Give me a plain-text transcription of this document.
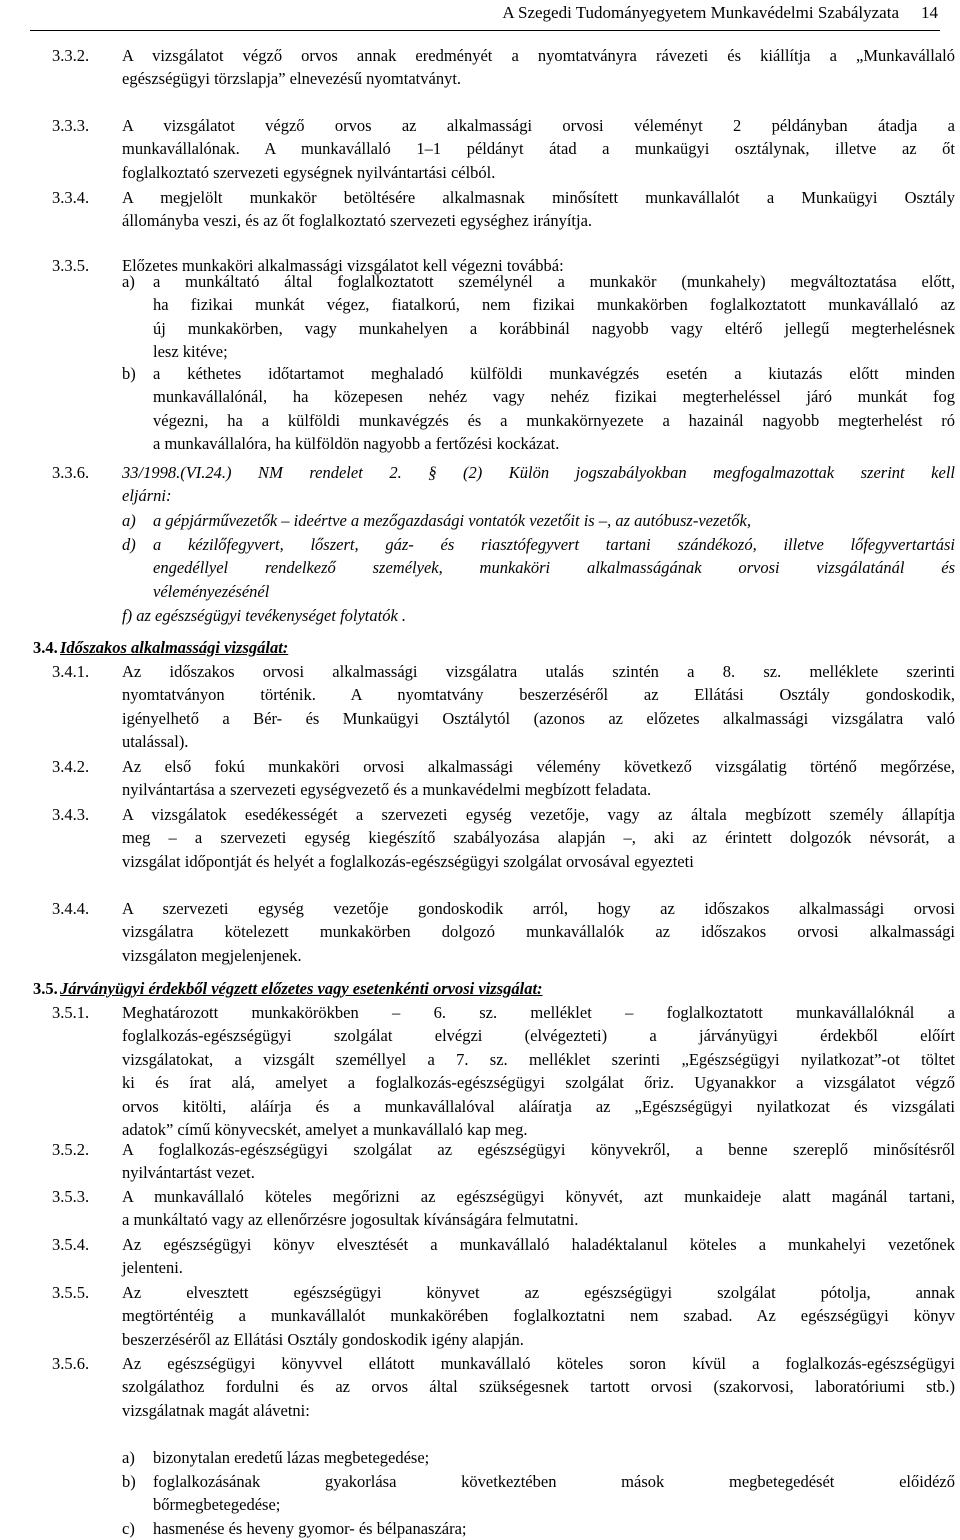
A Szegedi Tudományegyetem Munkavédelmi Szabályzata 14
3.3.2. A vizsgálatot végző orvos annak eredményét a nyomtatványra rávezeti és kiállítja a „Munkavállaló
egészségügyi törzslapja” elnevezésű nyomtatványt.
3.3.3. A vizsgálatot végző orvos az alkalmassági orvosi véleményt 2 példányban átadja a
munkavállalónak. A munkavállaló 1–1 példányt átad a munkaügyi osztálynak, illetve az őt
foglalkoztató szervezeti egységnek nyilvántartási célból.
3.3.4. A megjelölt munkakör betöltésére alkalmasnak minősített munkavállalót a Munkaügyi Osztály
állományba veszi, és az őt foglalkoztató szervezeti egységhez irányítja.
3.3.5. Előzetes munkaköri alkalmassági vizsgálatot kell végezni továbbá:
a) a munkáltató által foglalkoztatott személynél a munkakör (munkahely) megváltoztatása előtt,
ha fizikai munkát végez, fiatalkorú, nem fizikai munkakörben foglalkoztatott munkavállaló az
új munkakörben, vagy munkahelyen a korábbinál nagyobb vagy eltérő jellegű megterhelésnek
lesz kitéve;
b) a kéthetes időtartamot meghaladó külföldi munkavégzés esetén a kiutazás előtt minden
munkavállalónál, ha közepesen nehéz vagy nehéz fizikai megterheléssel járó munkát fog
végezni, ha a külföldi munkavégzés és a munkakörnyezete a hazainál nagyobb megterhelést ró
a munkavállalóra, ha külföldön nagyobb a fertőzési kockázat.
3.3.6. 33/1998.(VI.24.) NM rendelet 2. § (2) Külön jogszabályokban megfogalmazottak szerint kell
eljárni:
a) a gépjárművezetők – ideértve a mezőgazdasági vontatók vezetőit is –, az autóbusz-vezetők,
d) a kézilőfegyvert, lőszert, gáz- és riasztófegyvert tartani szándékozó, illetve lőfegyvertartási
engedéllyel rendelkező személyek, munkaköri alkalmasságának orvosi vizsgálatánál és
véleményezésénél
f) az egészségügyi tevékenységet folytatók .
3.4. Időszakos alkalmassági vizsgálat:
3.4.1. Az időszakos orvosi alkalmassági vizsgálatra utalás szintén a 8. sz. melléklete szerinti
nyomtatványon történik. A nyomtatvány beszerzéséről az Ellátási Osztály gondoskodik,
igényelhető a Bér- és Munkaügyi Osztálytól (azonos az előzetes alkalmassági vizsgálatra való
utalással).
3.4.2. Az első fokú munkaköri orvosi alkalmassági vélemény következő vizsgálatig történő megőrzése,
nyilvántartása a szervezeti egységvezető és a munkavédelmi megbízott feladata.
3.4.3. A vizsgálatok esedékességét a szervezeti egység vezetője, vagy az általa megbízott személy állapítja
meg – a szervezeti egység kiegészítő szabályozása alapján –, aki az érintett dolgozók névsorát, a
vizsgálat időpontját és helyét a foglalkozás-egészségügyi szolgálat orvosával egyezteti
3.4.4. A szervezeti egység vezetője gondoskodik arról, hogy az időszakos alkalmassági orvosi
vizsgálatra kötelezett munkakörben dolgozó munkavállalók az időszakos orvosi alkalmassági
vizsgálaton megjelenjenek.
3.5. Járványügyi érdekből végzett előzetes vagy esetenkénti orvosi vizsgálat:
3.5.1. Meghatározott munkakörökben – 6. sz. melléklet – foglalkoztatott munkavállalóknál a
foglalkozás-egészségügyi szolgálat elvégzi (elvégezteti) a járványügyi érdekből előírt
vizsgálatokat, a vizsgált személlyel a 7. sz. melléklet szerinti „Egészségügyi nyilatkozat”-ot töltet
ki és írat alá, amelyet a foglalkozás-egészségügyi szolgálat őriz. Ugyanakkor a vizsgálatot végző
orvos kitölti, aláírja és a munkavállalóval aláíratja az „Egészségügyi nyilatkozat és vizsgálati
adatok” című könyvecskét, amelyet a munkavállaló kap meg.
3.5.2. A foglalkozás-egészségügyi szolgálat az egészségügyi könyvekről, a benne szereplő minősítésről
nyilvántartást vezet.
3.5.3. A munkavállaló köteles megőrizni az egészségügyi könyvét, azt munkaideje alatt magánál tartani,
a munkáltató vagy az ellenőrzésre jogosultak kívánságára felmutatni.
3.5.4. Az egészségügyi könyv elvesztését a munkavállaló haladéktalanul köteles a munkahelyi vezetőnek
jelenteni.
3.5.5. Az elvesztett egészségügyi könyvet az egészségügyi szolgálat pótolja, annak
megtörténtéig a munkavállalót munkakörében foglalkoztatni nem szabad. Az egészségügyi könyv
beszerzéséről az Ellátási Osztály gondoskodik igény alapján.
3.5.6. Az egészségügyi könyvvel ellátott munkavállaló köteles soron kívül a foglalkozás-egészségügyi
szolgálathoz fordulni és az orvos által szükségesnek tartott orvosi (szakorvosi, laboratóriumi stb.)
vizsgálatnak magát alávetni:
a) bizonytalan eredetű lázas megbetegedése;
b) foglalkozásának gyakorlása következtében mások megbetegedését előidéző
bőrmegbetegedése;
c) hasmenése és heveny gyomor- és bélpanaszára;
